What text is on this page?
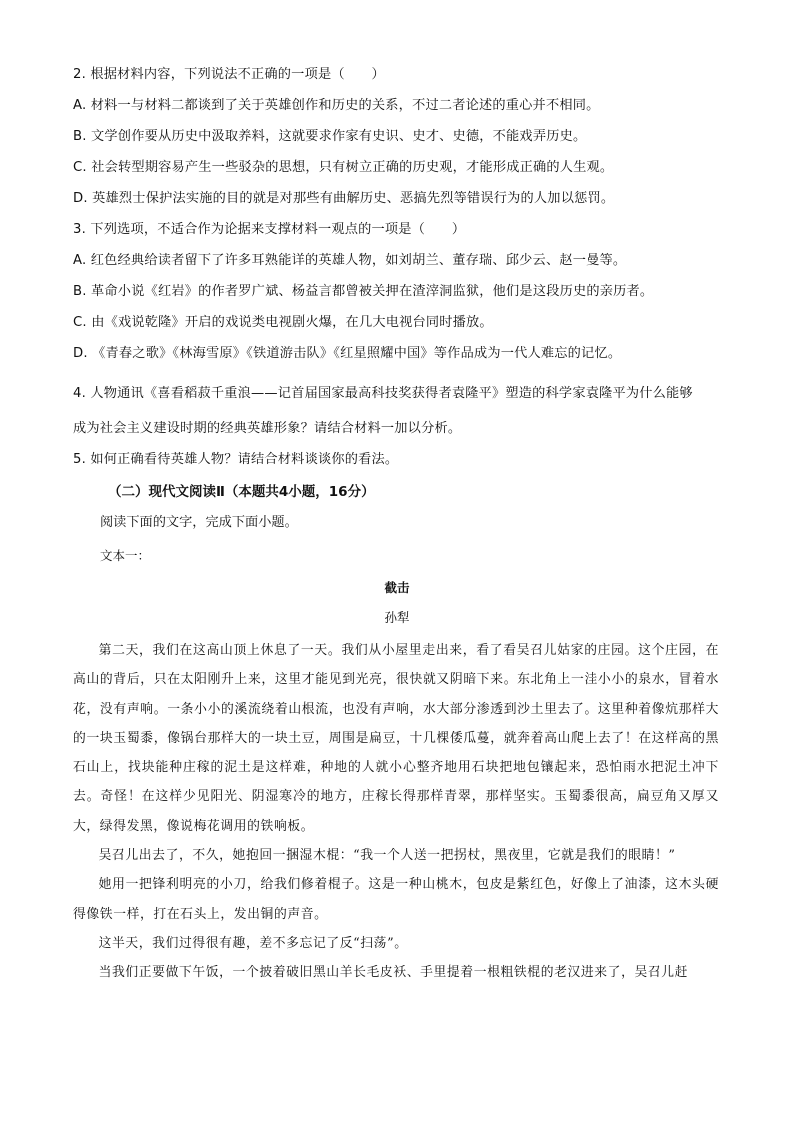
2. 根据材料内容，下列说法不正确的一项是（　　）
A. 材料一与材料二都谈到了关于英雄创作和历史的关系，不过二者论述的重心并不相同。
B. 文学创作要从历史中汲取养料，这就要求作家有史识、史才、史德，不能戏弄历史。
C. 社会转型期容易产生一些驳杂的思想，只有树立正确的历史观，才能形成正确的人生观。
D. 英雄烈士保护法实施的目的就是对那些有曲解历史、恶搞先烈等错误行为的人加以惩罚。
3. 下列选项，不适合作为论据来支撑材料一观点的一项是（　　）
A. 红色经典给读者留下了许多耳熟能详的英雄人物，如刘胡兰、董存瑞、邱少云、赵一曼等。
B. 革命小说《红岩》的作者罗广斌、杨益言都曾被关押在渣滓洞监狱，他们是这段历史的亲历者。
C. 由《戏说乾隆》开启的戏说类电视剧火爆，在几大电视台同时播放。
D. 《青春之歌》《林海雪原》《铁道游击队》《红星照耀中国》等作品成为一代人难忘的记忆。
4. 人物通讯《喜看稻菽千重浪——记首届国家最高科技奖获得者袁隆平》塑造的科学家袁隆平为什么能够
成为社会主义建设时期的经典英雄形象？请结合材料一加以分析。
5. 如何正确看待英雄人物？请结合材料谈谈你的看法。
（二）现代文阅读Ⅱ（本题共4小题，16分）
阅读下面的文字，完成下面小题。
文本一：
截击
孙犁

第二天，我们在这高山顶上休息了一天。我们从小屋里走出来，看了看吴召儿姑家的庄园。这个庄园，在高山的背后，只在太阳刚升上来，这里才能见到光亮，很快就又阴暗下来。东北角上一洼小小的泉水，冒着水花，没有声响。一条小小的溪流绕着山根流，也没有声响，水大部分渗透到沙土里去了。这里种着像炕那样大的一块玉蜀黍，像锅台那样大的一块土豆，周围是扁豆，十几棵倭瓜蔓，就奔着高山爬上去了！在这样高的黑石山上，找块能种庄稼的泥土是这样难，种地的人就小心整齐地用石块把地包镶起来，恐怕雨水把泥土冲下去。奇怪！在这样少见阳光、阴湿寒冷的地方，庄稼长得那样青翠，那样坚实。玉蜀黍很高，扁豆角又厚又大，绿得发黑，像说梅花调用的铁响板。

吴召儿出去了，不久，她抱回一捆湿木棍：“我一个人送一把拐杖，黑夜里，它就是我们的眼睛！”

她用一把锋利明亮的小刀，给我们修着棍子。这是一种山桃木，包皮是紫红色，好像上了油漆，这木头硬得像铁一样，打在石头上，发出铜的声音。

这半天，我们过得很有趣，差不多忘记了反“扫荡”。

当我们正要做下午饭，一个披着破旧黑山羊长毛皮袄、手里提着一根粗铁棍的老汉进来了，吴召儿赶
